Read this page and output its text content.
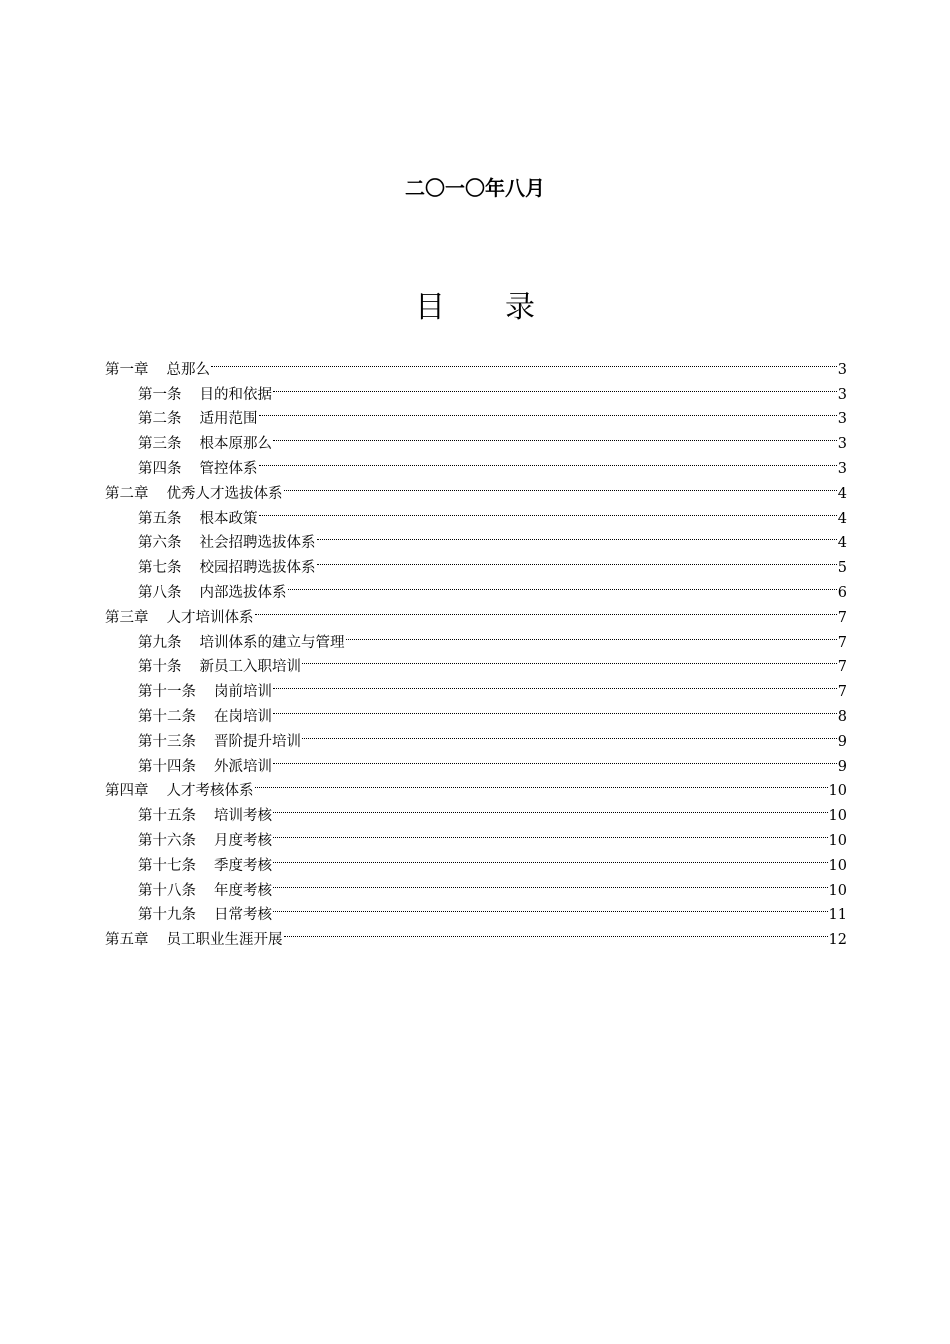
二〇一〇年八月
目 录
第一章 总那么	3
第一条 目的和依据	3
第二条 适用范围	3
第三条 根本原那么	3
第四条 管控体系	3
第二章 优秀人才选拔体系	4
第五条 根本政策	4
第六条 社会招聘选拔体系	4
第七条 校园招聘选拔体系	5
第八条 内部选拔体系	6
第三章 人才培训体系	7
第九条 培训体系的建立与管理	7
第十条 新员工入职培训	7
第十一条 岗前培训	7
第十二条 在岗培训	8
第十三条 晋阶提升培训	9
第十四条 外派培训	9
第四章 人才考核体系	10
第十五条 培训考核	10
第十六条 月度考核	10
第十七条 季度考核	10
第十八条 年度考核	10
第十九条 日常考核	11
第五章 员工职业生涯开展	12
